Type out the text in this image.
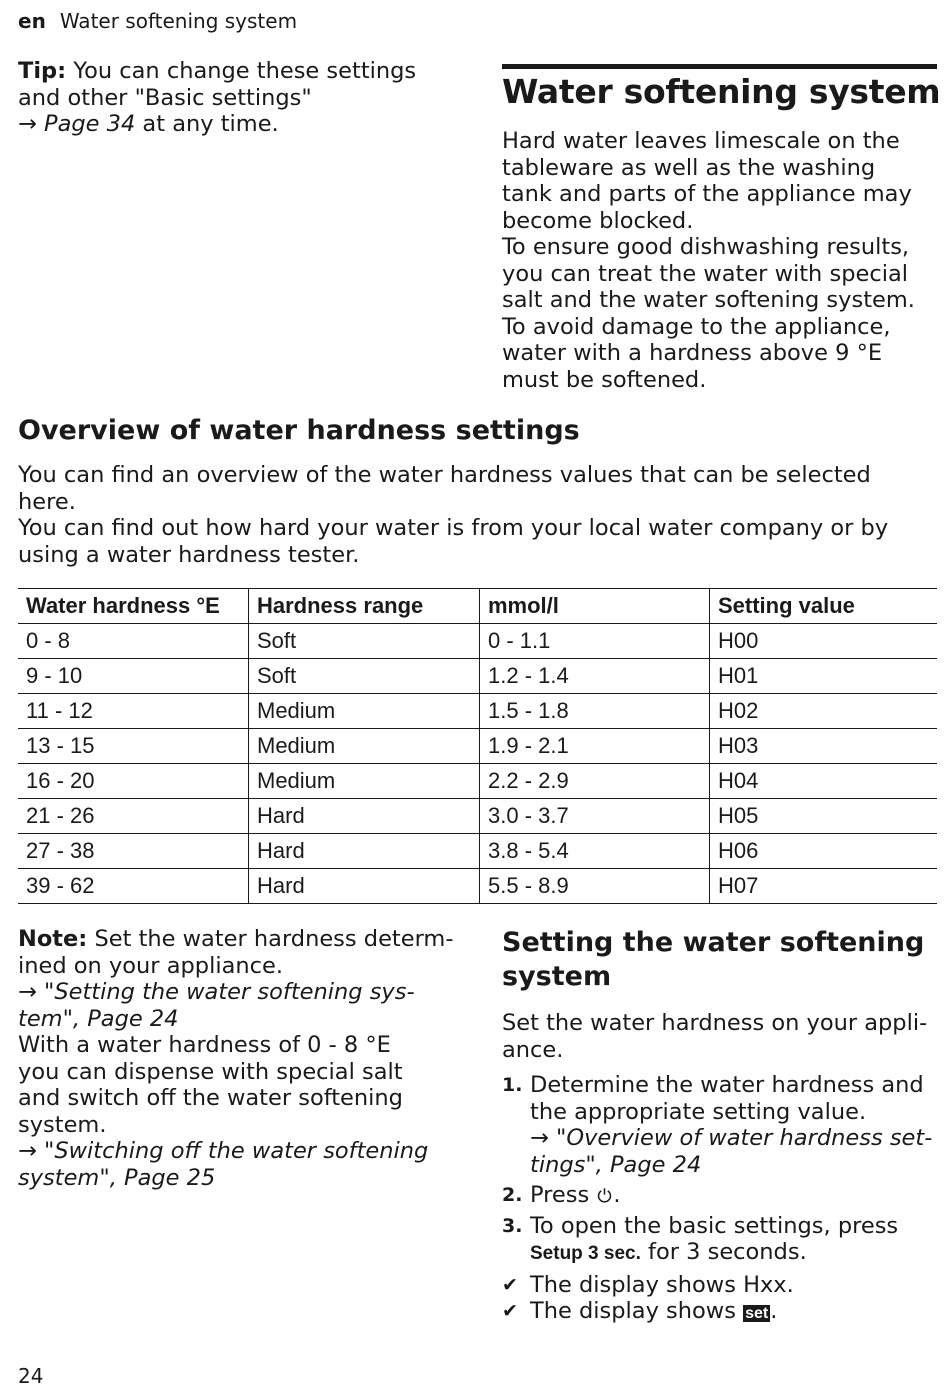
en Water softening system
Tip: You can change these settings
and other "Basic settings"
→ Page 34 at any time.
Water softening system
Hard water leaves limescale on the
tableware as well as the washing
tank and parts of the appliance may
become blocked.
To ensure good dishwashing results,
you can treat the water with special
salt and the water softening system.
To avoid damage to the appliance,
water with a hardness above 9 °E
must be softened.
Overview of water hardness settings
You can find an overview of the water hardness values that can be selected
here.
You can find out how hard your water is from your local water company or by
using a water hardness tester.
Water hardness °E	Hardness range	mmol/l	Setting value
0 - 8	Soft	0 - 1.1	H00
9 - 10	Soft	1.2 - 1.4	H01
11 - 12	Medium	1.5 - 1.8	H02
13 - 15	Medium	1.9 - 2.1	H03
16 - 20	Medium	2.2 - 2.9	H04
21 - 26	Hard	3.0 - 3.7	H05
27 - 38	Hard	3.8 - 5.4	H06
39 - 62	Hard	5.5 - 8.9	H07
Note: Set the water hardness determ-
ined on your appliance.
→ "Setting the water softening sys-
tem", Page 24
With a water hardness of 0 - 8 °E
you can dispense with special salt
and switch off the water softening
system.
→ "Switching off the water softening
system", Page 25
Setting the water softening
system
Set the water hardness on your appli-
ance.
1. Determine the water hardness and
the appropriate setting value.
→ "Overview of water hardness set-
tings", Page 24
2. Press .
3. To open the basic settings, press
Setup 3 sec. for 3 seconds.
✔ The display shows Hxx.
✔ The display shows set.
24
